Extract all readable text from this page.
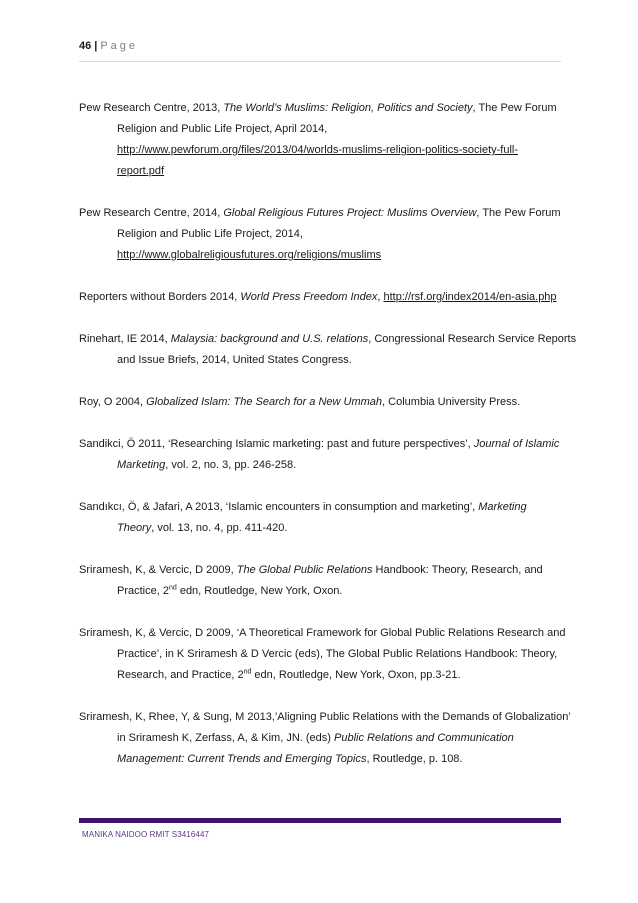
46 | Page
Pew Research Centre, 2013, The World’s Muslims: Religion, Politics and Society, The Pew Forum
Religion and Public Life Project, April 2014,
http://www.pewforum.org/files/2013/04/worlds-muslims-religion-politics-society-full-
report.pdf
Pew Research Centre, 2014, Global Religious Futures Project: Muslims Overview, The Pew Forum
Religion and Public Life Project, 2014,
http://www.globalreligiousfutures.org/religions/muslims
Reporters without Borders 2014, World Press Freedom Index, http://rsf.org/index2014/en-asia.php
Rinehart, IE 2014, Malaysia: background and U.S. relations, Congressional Research Service Reports
and Issue Briefs, 2014, United States Congress.
Roy, O 2004, Globalized Islam: The Search for a New Ummah, Columbia University Press.
Sandikci, Ö 2011, ‘Researching Islamic marketing: past and future perspectives’, Journal of Islamic
Marketing, vol. 2, no. 3, pp. 246-258.
Sandıkcı, Ö, & Jafari, A 2013, ‘Islamic encounters in consumption and marketing’, Marketing
Theory, vol. 13, no. 4, pp. 411-420.
Sriramesh, K, & Vercic, D 2009, The Global Public Relations Handbook: Theory, Research, and
Practice, 2nd edn, Routledge, New York, Oxon.
Sriramesh, K, & Vercic, D 2009, ‘A Theoretical Framework for Global Public Relations Research and
Practice’, in K Sriramesh & D Vercic (eds), The Global Public Relations Handbook: Theory,
Research, and Practice, 2nd edn, Routledge, New York, Oxon, pp.3-21.
Sriramesh, K, Rhee, Y, & Sung, M 2013,’Aligning Public Relations with the Demands of Globalization’
in Sriramesh K, Zerfass, A, & Kim, JN. (eds) Public Relations and Communication
Management: Current Trends and Emerging Topics, Routledge, p. 108.
MANIKA NAIDOO RMIT S3416447
